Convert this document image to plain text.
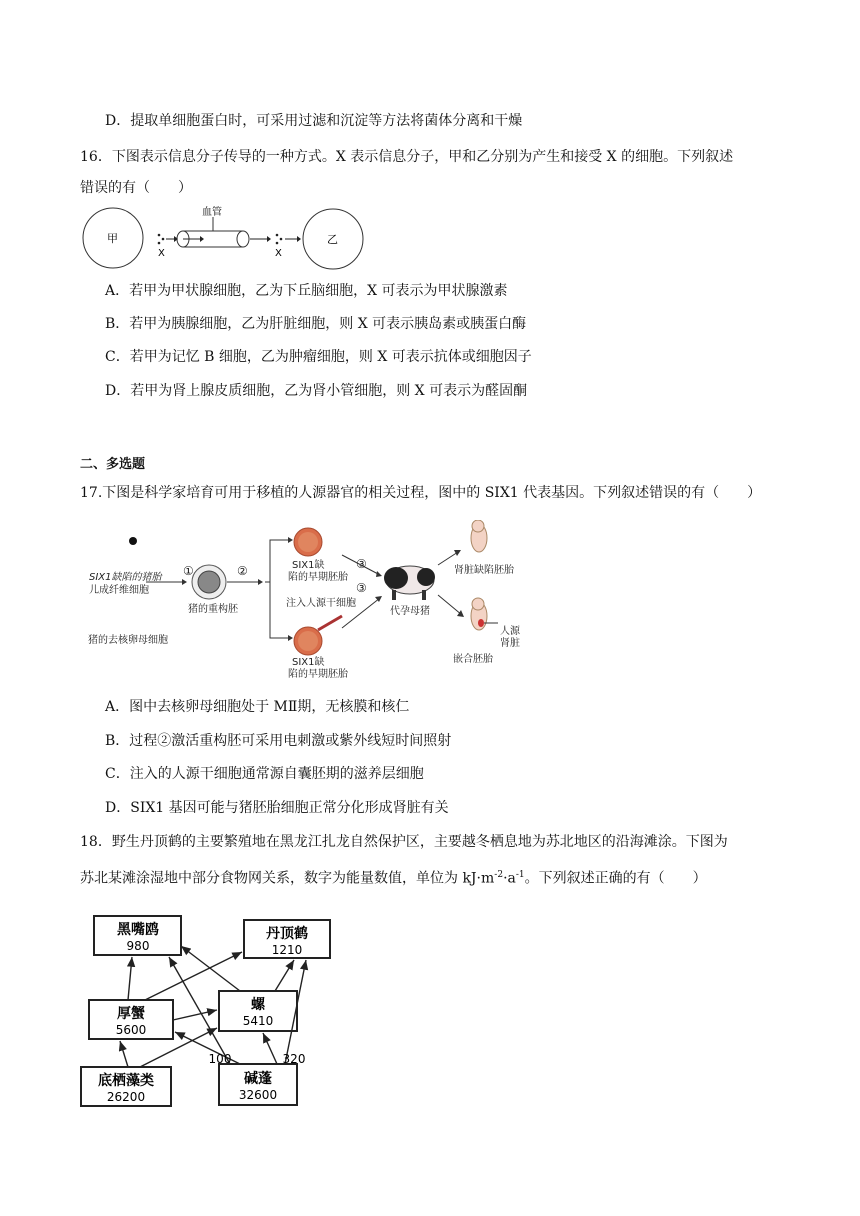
D．提取单细胞蛋白时，可采用过滤和沉淀等方法将菌体分离和干燥
16．下图表示信息分子传导的一种方式。X 表示信息分子，甲和乙分别为产生和接受 X 的细胞。下列叙述
错误的有（　　）
甲
X
血管
X
乙
A．若甲为甲状腺细胞，乙为下丘脑细胞，X 可表示为甲状腺激素
B．若甲为胰腺细胞，乙为肝脏细胞，则 X 可表示胰岛素或胰蛋白酶
C．若甲为记忆 B 细胞，乙为肿瘤细胞，则 X 可表示抗体或细胞因子
D．若甲为肾上腺皮质细胞，乙为肾小管细胞，则 X 可表示为醛固酮
二、多选题
17.下图是科学家培育可用于移植的人源器官的相关过程，图中的 SIX1 代表基因。下列叙述错误的有（　　）
SIX1缺陷的猪胎
儿成纤维细胞
猪的去核卵母细胞
①	②
猪的重构胚
SIX1缺
陷的早期胚胎
注入人源干细胞
SIX1缺
陷的早期胚胎
③
③
代孕母猪
肾脏缺陷胚胎
人源
肾脏
嵌合胚胎
A．图中去核卵母细胞处于 MⅡ期，无核膜和核仁
B．过程②激活重构胚可采用电刺激或紫外线短时间照射
C．注入的人源干细胞通常源自囊胚期的滋养层细胞
D．SIX1 基因可能与猪胚胎细胞正常分化形成肾脏有关
18．野生丹顶鹤的主要繁殖地在黑龙江扎龙自然保护区，主要越冬栖息地为苏北地区的沿海滩涂。下图为
苏北某滩涂湿地中部分食物网关系，数字为能量数值，单位为 $kJ\cdot m^{-2}\cdot a^{-1}$。下列叙述正确的有（　　）
黑嘴鸥
980
丹顶鹤
1210
厚蟹
5600
螺
5410
底栖藻类
26200
碱蓬
32600
100	320
